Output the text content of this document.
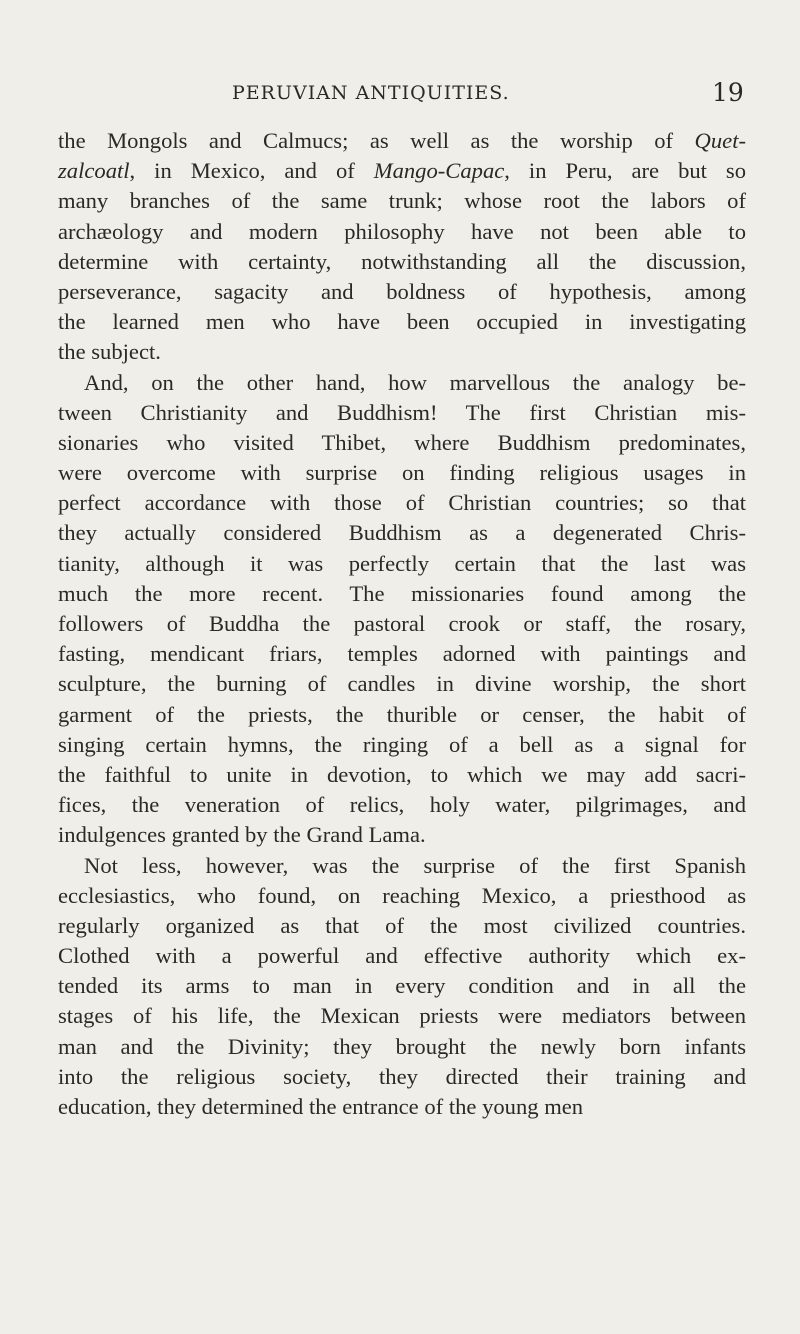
PERUVIAN ANTIQUITIES.	19
the Mongols and Calmucs; as well as the worship of Quet-
zalcoatl, in Mexico, and of Mango-Capac, in Peru, are but so
many branches of the same trunk; whose root the labors of
archæology and modern philosophy have not been able to
determine with certainty, notwithstanding all the discussion,
perseverance, sagacity and boldness of hypothesis, among
the learned men who have been occupied in investigating
the subject.
And, on the other hand, how marvellous the analogy be-
tween Christianity and Buddhism! The first Christian mis-
sionaries who visited Thibet, where Buddhism predominates,
were overcome with surprise on finding religious usages in
perfect accordance with those of Christian countries; so that
they actually considered Buddhism as a degenerated Chris-
tianity, although it was perfectly certain that the last was
much the more recent. The missionaries found among the
followers of Buddha the pastoral crook or staff, the rosary,
fasting, mendicant friars, temples adorned with paintings and
sculpture, the burning of candles in divine worship, the short
garment of the priests, the thurible or censer, the habit of
singing certain hymns, the ringing of a bell as a signal for
the faithful to unite in devotion, to which we may add sacri-
fices, the veneration of relics, holy water, pilgrimages, and
indulgences granted by the Grand Lama.
Not less, however, was the surprise of the first Spanish
ecclesiastics, who found, on reaching Mexico, a priesthood as
regularly organized as that of the most civilized countries.
Clothed with a powerful and effective authority which ex-
tended its arms to man in every condition and in all the
stages of his life, the Mexican priests were mediators between
man and the Divinity; they brought the newly born infants
into the religious society, they directed their training and
education, they determined the entrance of the young men
